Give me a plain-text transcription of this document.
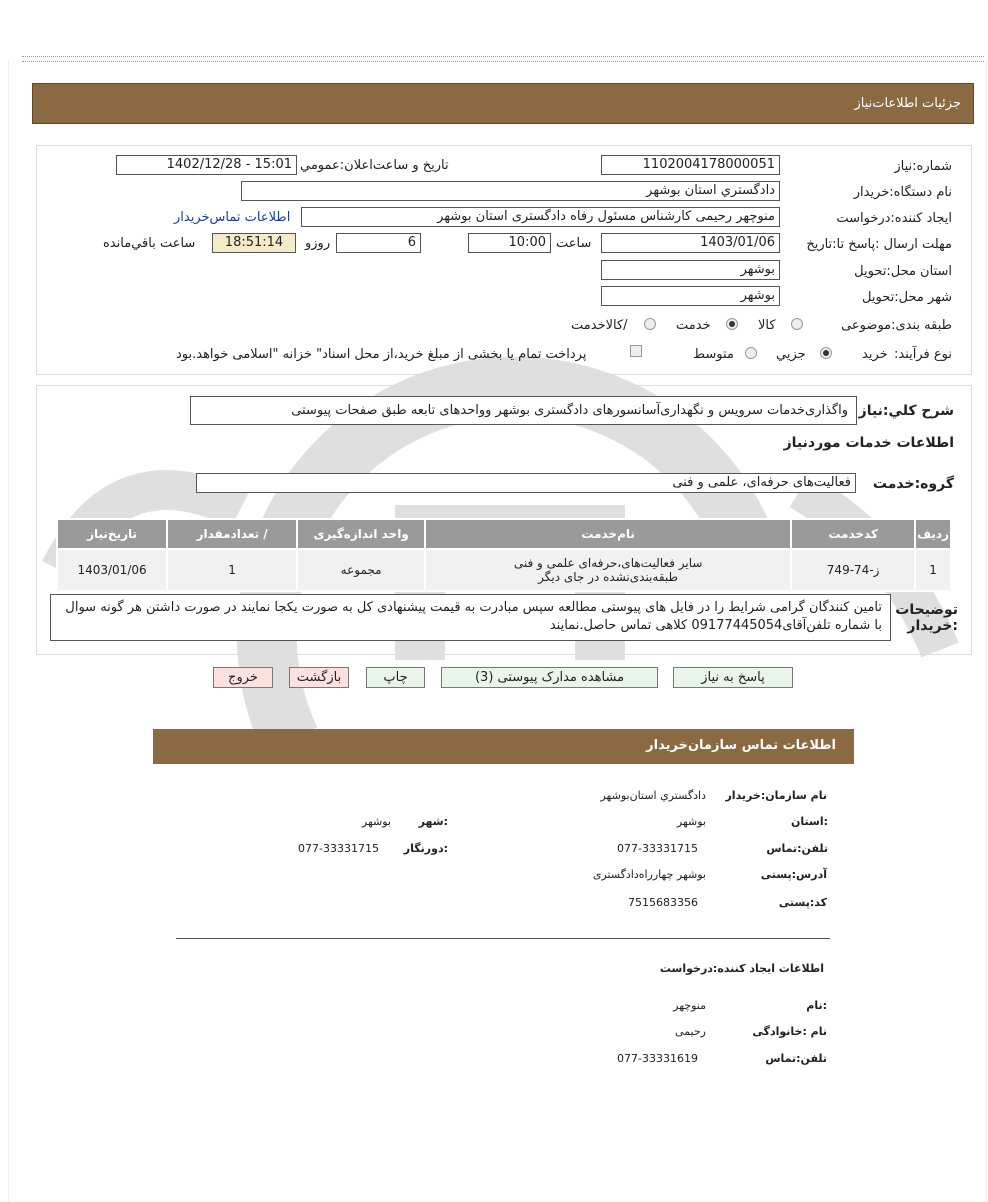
جزئیات اطلاعات‌نیاز
شماره:نیاز
1102004178000051
تاریخ و ساعت‌اعلان:عمومي
1402/12/28 - 15:01
نام دستگاه:خریدار
دادگستري استان بوشهر
ایجاد کننده:درخواست
منوچهر رحیمی کارشناس مسئول رفاه دادگستری استان بوشهر
اطلاعات تماس‌خریدار
مهلت ارسال :پاسخ تا:تاریخ
1403/01/06
ساعت
10:00
6
روزو
18:51:14
ساعت باقي‌مانده
استان محل:تحویل
بوشهر
شهر محل:تحویل
بوشهر
طبقه بندی:موضوعی
کالا
خدمت
/کالاخدمت
نوع فرآیند:
خرید
جزيي
متوسط
پرداخت تمام یا بخشی از مبلغ خرید،از محل اسناد" خزانه "اسلامی خواهد.بود
شرح کلي:نیاز
واگذاری‌خدمات سرویس و نگهداری‌آسانسورهای دادگستری بوشهر وواحدهای تابعه طبق صفحات پیوستی
اطلاعات خدمات موردنیاز
گروه:خدمت
فعالیت‌های حرفه‌ای، علمی و فنی
ردیف	کدخدمت	نام‌خدمت	واحد اندازه‌گیری	/ تعدادمقدار	تاریخ‌نیاز
1	ز-74-749	سایر فعالیت‌های،حرفه‌ای علمی و فنی طبقه‌بندی‌نشده در جای دیگر	مجموعه	1	1403/01/06
توضیحات :خریدار
تامین کنندگان گرامی شرایط را در فایل های پیوستی مطالعه سپس مبادرت به قیمت پیشنهادی کل به صورت یکجا نمایند در صورت داشتن هر گونه سوال با شماره تلفن‌آقای09177445054 کلاهی تماس حاصل.نمایند
پاسخ به نیاز
مشاهده مدارک پیوستی (3)
چاپ
بازگشت
خروج
اطلاعات تماس سازمان‌خریدار
نام سازمان:خریدار
دادگستري استان‌بوشهر
:استان
بوشهر
:شهر
بوشهر
تلفن:تماس
077-33331715
:دورنگار
077-33331715
آدرس:پستی
بوشهر چهارراه‌دادگستری
کد:پستی
7515683356
اطلاعات ایجاد کننده:درخواست
:نام
منوچهر
نام :خانوادگی
رحیمی
تلفن:تماس
077-33331619
